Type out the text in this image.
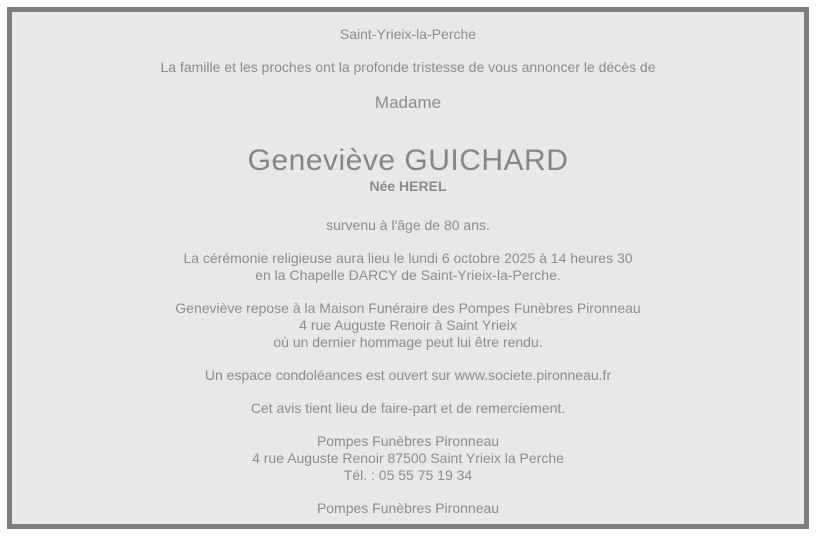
Saint-Yrieix-la-Perche

La famille et les proches ont la profonde tristesse de vous annoncer le décès de

Madame

Geneviève GUICHARD
Née HEREL

survenu à l'âge de 80 ans.

La cérémonie religieuse aura lieu le lundi 6 octobre 2025 à 14 heures 30
en la Chapelle DARCY de Saint-Yrieix-la-Perche.

Geneviève repose à la Maison Funéraire des Pompes Funèbres Pironneau
4 rue Auguste Renoir à Saint Yrieix
où un dernier hommage peut lui être rendu.

Un espace condoléances est ouvert sur www.societe.pironneau.fr

Cet avis tient lieu de faire-part et de remerciement.

Pompes Funèbres Pironneau
4 rue Auguste Renoir 87500 Saint Yrieix la Perche
Tél. : 05 55 75 19 34

Pompes Funèbres Pironneau
